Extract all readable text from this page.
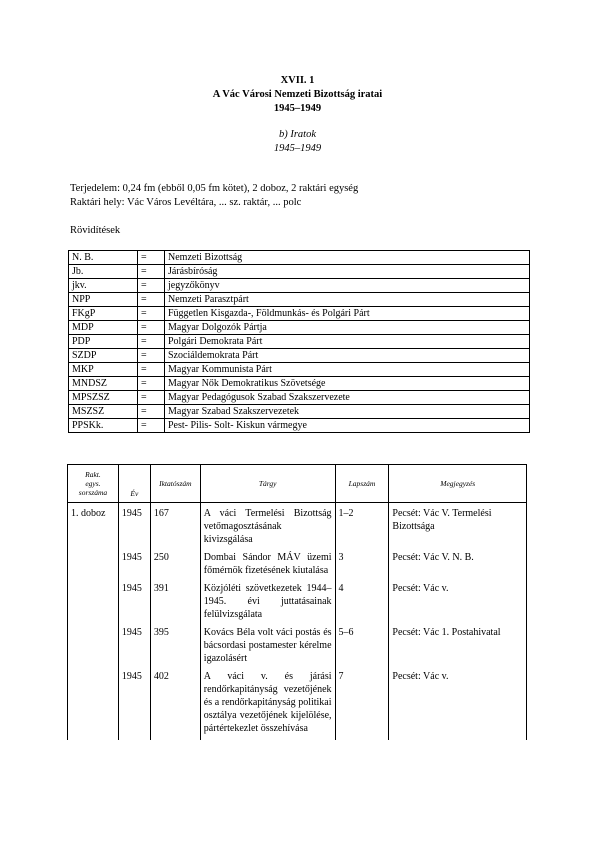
XVII. 1
A Vác Városi Nemzeti Bizottság iratai
1945–1949
b) Iratok
1945–1949
Terjedelem: 0,24 fm (ebből 0,05 fm kötet), 2 doboz, 2 raktári egység
Raktári hely: Vác Város Levéltára, ... sz. raktár, ... polc
Rövidítések
N. B.	=	Nemzeti Bizottság
Jb.	=	Járásbíróság
jkv.	=	jegyzőkönyv
NPP	=	Nemzeti Parasztpárt
FKgP	=	Független Kisgazda-, Földmunkás- és Polgári Párt
MDP	=	Magyar Dolgozók Pártja
PDP	=	Polgári Demokrata Párt
SZDP	=	Szociáldemokrata Párt
MKP	=	Magyar Kommunista Párt
MNDSZ	=	Magyar Nők Demokratikus Szövetsége
MPSZSZ	=	Magyar Pedagógusok Szabad Szakszervezete
MSZSZ	=	Magyar Szabad Szakszervezetek
PPSKk.	=	Pest- Pilis- Solt- Kiskun vármegye
Rakt.
egys.
sorszáma	Év	Iktatószám	Tárgy	Lapszám	Megjegyzés
1. doboz	1945	167	A váci Termelési Bizottság vetőmagosztásának kivizsgálása	1–2	Pecsét: Vác V. Termelési Bizottsága
	1945	250	Dombai Sándor MÁV üzemi főmérnök fizetésének kiutalása	3	Pecsét: Vác V. N. B.
	1945	391	Közjóléti szövetkezetek 1944–1945. évi juttatásainak felülvizsgálata	4	Pecsét: Vác v.
	1945	395	Kovács Béla volt váci postás és bácsordasi postamester kérelme igazolásért	5–6	Pecsét: Vác 1. Postahivatal
	1945	402	A váci v. és járási rendőrkapitányság vezetőjének és a rendőrkapitányság politikai osztálya vezetőjének kijelölése, pártértekezlet összehívása	7	Pecsét: Vác v.
